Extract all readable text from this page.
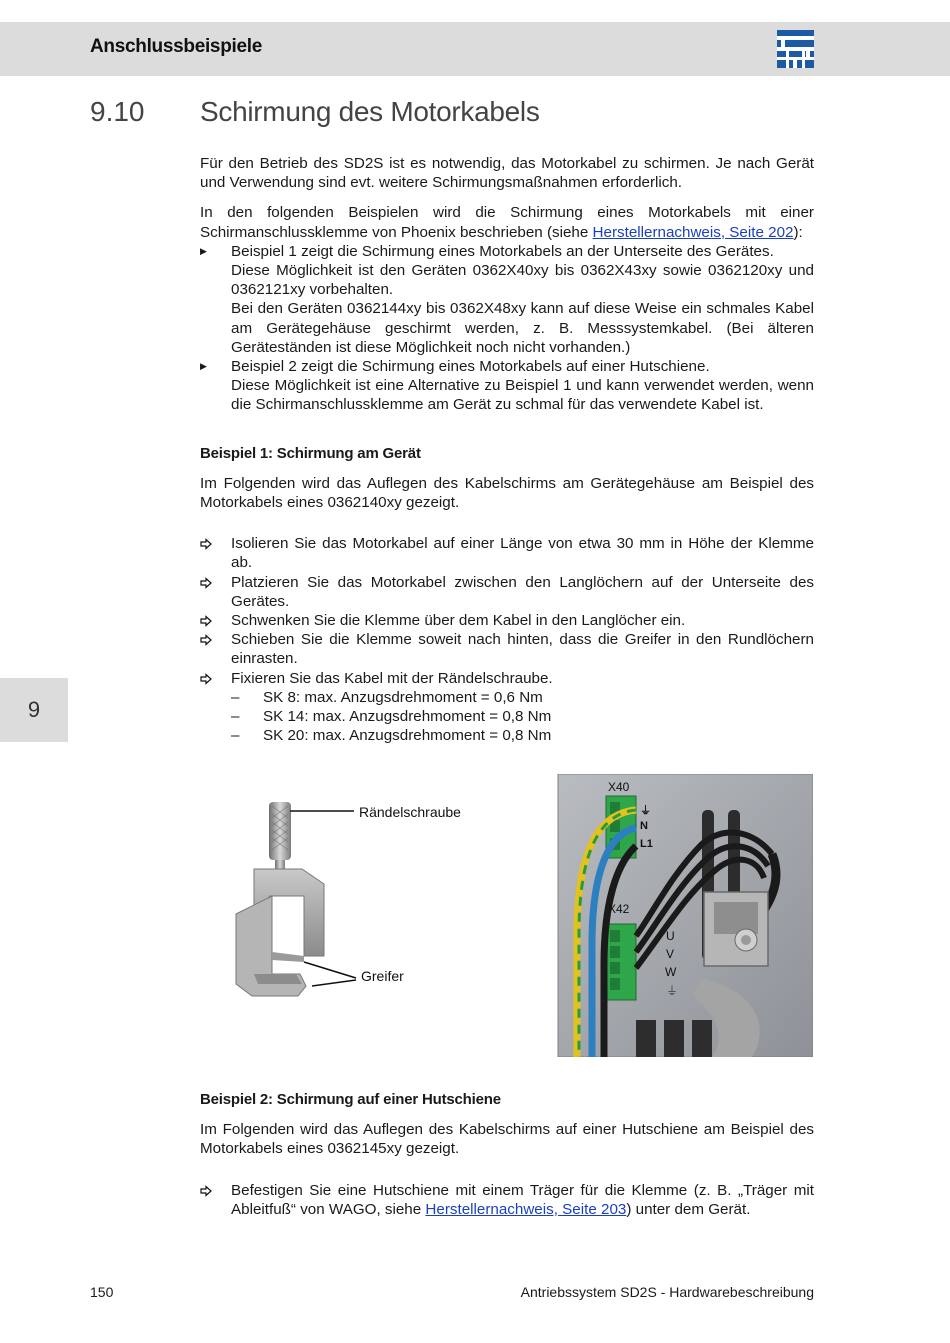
Anschlussbeispiele
9
9.10 Schirmung des Motorkabels

Für den Betrieb des SD2S ist es notwendig, das Motorkabel zu schirmen. Je nach Gerät und Verwendung sind evt. weitere Schirmungsmaßnahmen erforderlich.

In den folgenden Beispielen wird die Schirmung eines Motorkabels mit einer Schirmanschlussklemme von Phoenix beschrieben (siehe Herstellernachweis, Seite 202):

▶ Beispiel 1 zeigt die Schirmung eines Motorkabels an der Unterseite des Gerätes.

Diese Möglichkeit ist den Geräten 0362X40xy bis 0362X43xy sowie 0362120xy und 0362121xy vorbehalten.

Bei den Geräten 0362144xy bis 0362X48xy kann auf diese Weise ein schmales Kabel am Gerätegehäuse geschirmt werden, z. B. Messsystemkabel. (Bei älteren Geräteständen ist diese Möglichkeit noch nicht vorhanden.)

▶ Beispiel 2 zeigt die Schirmung eines Motorkabels auf einer Hutschiene.

Diese Möglichkeit ist eine Alternative zu Beispiel 1 und kann verwendet werden, wenn die Schirmanschlussklemme am Gerät zu schmal für das verwendete Kabel ist.

Beispiel 1: Schirmung am Gerät

Im Folgenden wird das Auflegen des Kabelschirms am Gerätegehäuse am Beispiel des Motorkabels eines 0362140xy gezeigt.

Isolieren Sie das Motorkabel auf einer Länge von etwa 30 mm in Höhe der Klemme ab.

Platzieren Sie das Motorkabel zwischen den Langlöchern auf der Unterseite des Gerätes.

Schwenken Sie die Klemme über dem Kabel in den Langlöcher ein.

Schieben Sie die Klemme soweit nach hinten, dass die Greifer in den Rundlöchern einrasten.

Fixieren Sie das Kabel mit der Rändelschraube.

– SK 8: max. Anzugsdrehmoment = 0,6 Nm
– SK 14: max. Anzugsdrehmoment = 0,8 Nm
– SK 20: max. Anzugsdrehmoment = 0,8 Nm
Rändelschraube
Greifer
X40
X42
⏚
N
L1
U
V
W
⏚
Beispiel 2: Schirmung auf einer Hutschiene

Im Folgenden wird das Auflegen des Kabelschirms auf einer Hutschiene am Beispiel des Motorkabels eines 0362145xy gezeigt.

Befestigen Sie eine Hutschiene mit einem Träger für die Klemme (z. B. „Träger mit Ableitfuß“ von WAGO, siehe Herstellernachweis, Seite 203) unter dem Gerät.

150	Antriebssystem SD2S - Hardwarebeschreibung
